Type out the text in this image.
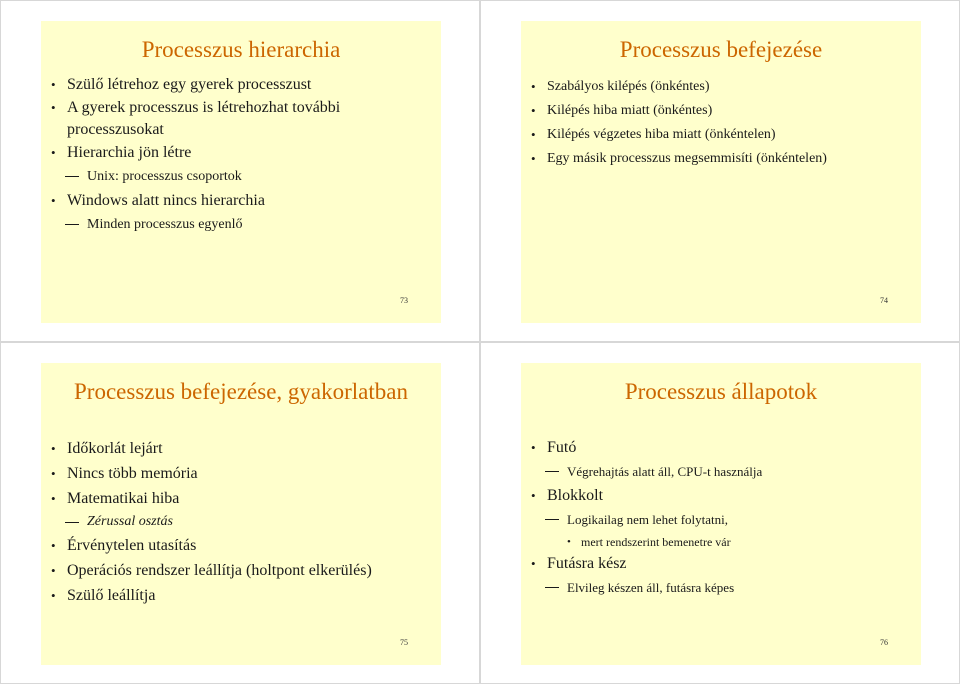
Processzus hierarchia
• Szülő létrehoz egy gyerek processzust
• A gyerek processzus is létrehozhat további processzusokat
• Hierarchia jön létre
Unix: processzus csoportok
• Windows alatt nincs hierarchia
Minden processzus egyenlő
73
Processzus befejezése
• Szabályos kilépés (önkéntes)
• Kilépés hiba miatt (önkéntes)
• Kilépés végzetes hiba miatt (önkéntelen)
• Egy másik processzus megsemmisíti (önkéntelen)
74
Processzus befejezése, gyakorlatban
• Időkorlát lejárt
• Nincs több memória
• Matematikai hiba
Zérussal osztás
• Érvénytelen utasítás
• Operációs rendszer leállítja (holtpont elkerülés)
• Szülő leállítja
75
Processzus állapotok
• Futó
Végrehajtás alatt áll, CPU-t használja
• Blokkolt
Logikailag nem lehet folytatni,
• mert rendszerint bemenetre vár
• Futásra kész
Elvileg készen áll, futásra képes
76
